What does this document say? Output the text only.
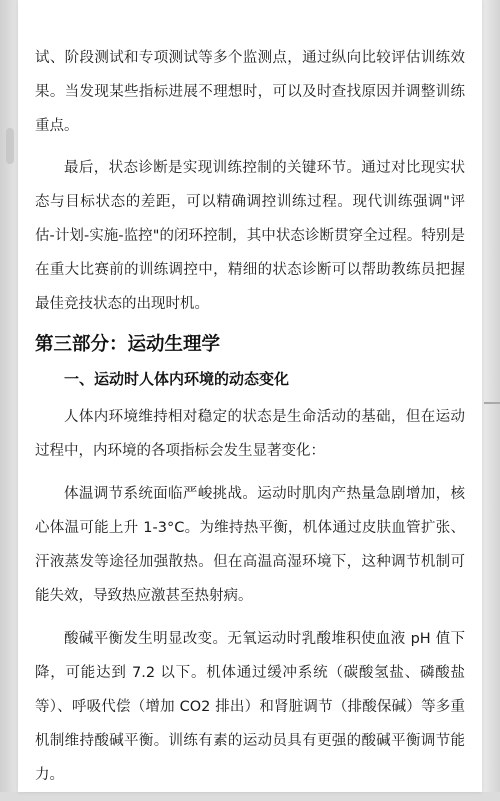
试、阶段测试和专项测试等多个监测点，通过纵向比较评估训练效果。当发现某些指标进展不理想时，可以及时查找原因并调整训练重点。

最后，状态诊断是实现训练控制的关键环节。通过对比现实状态与目标状态的差距，可以精确调控训练过程。现代训练强调"评估-计划-实施-监控"的闭环控制，其中状态诊断贯穿全过程。特别是在重大比赛前的训练调控中，精细的状态诊断可以帮助教练员把握最佳竞技状态的出现时机。

第三部分：运动生理学
一、运动时人体内环境的动态变化

人体内环境维持相对稳定的状态是生命活动的基础，但在运动过程中，内环境的各项指标会发生显著变化：

体温调节系统面临严峻挑战。运动时肌肉产热量急剧增加，核心体温可能上升 1-3°C。为维持热平衡，机体通过皮肤血管扩张、汗液蒸发等途径加强散热。但在高温高湿环境下，这种调节机制可能失效，导致热应激甚至热射病。

酸碱平衡发生明显改变。无氧运动时乳酸堆积使血液 pH 值下降，可能达到 7.2 以下。机体通过缓冲系统（碳酸氢盐、磷酸盐等）、呼吸代偿（增加 CO2 排出）和肾脏调节（排酸保碱）等多重机制维持酸碱平衡。训练有素的运动员具有更强的酸碱平衡调节能力。
